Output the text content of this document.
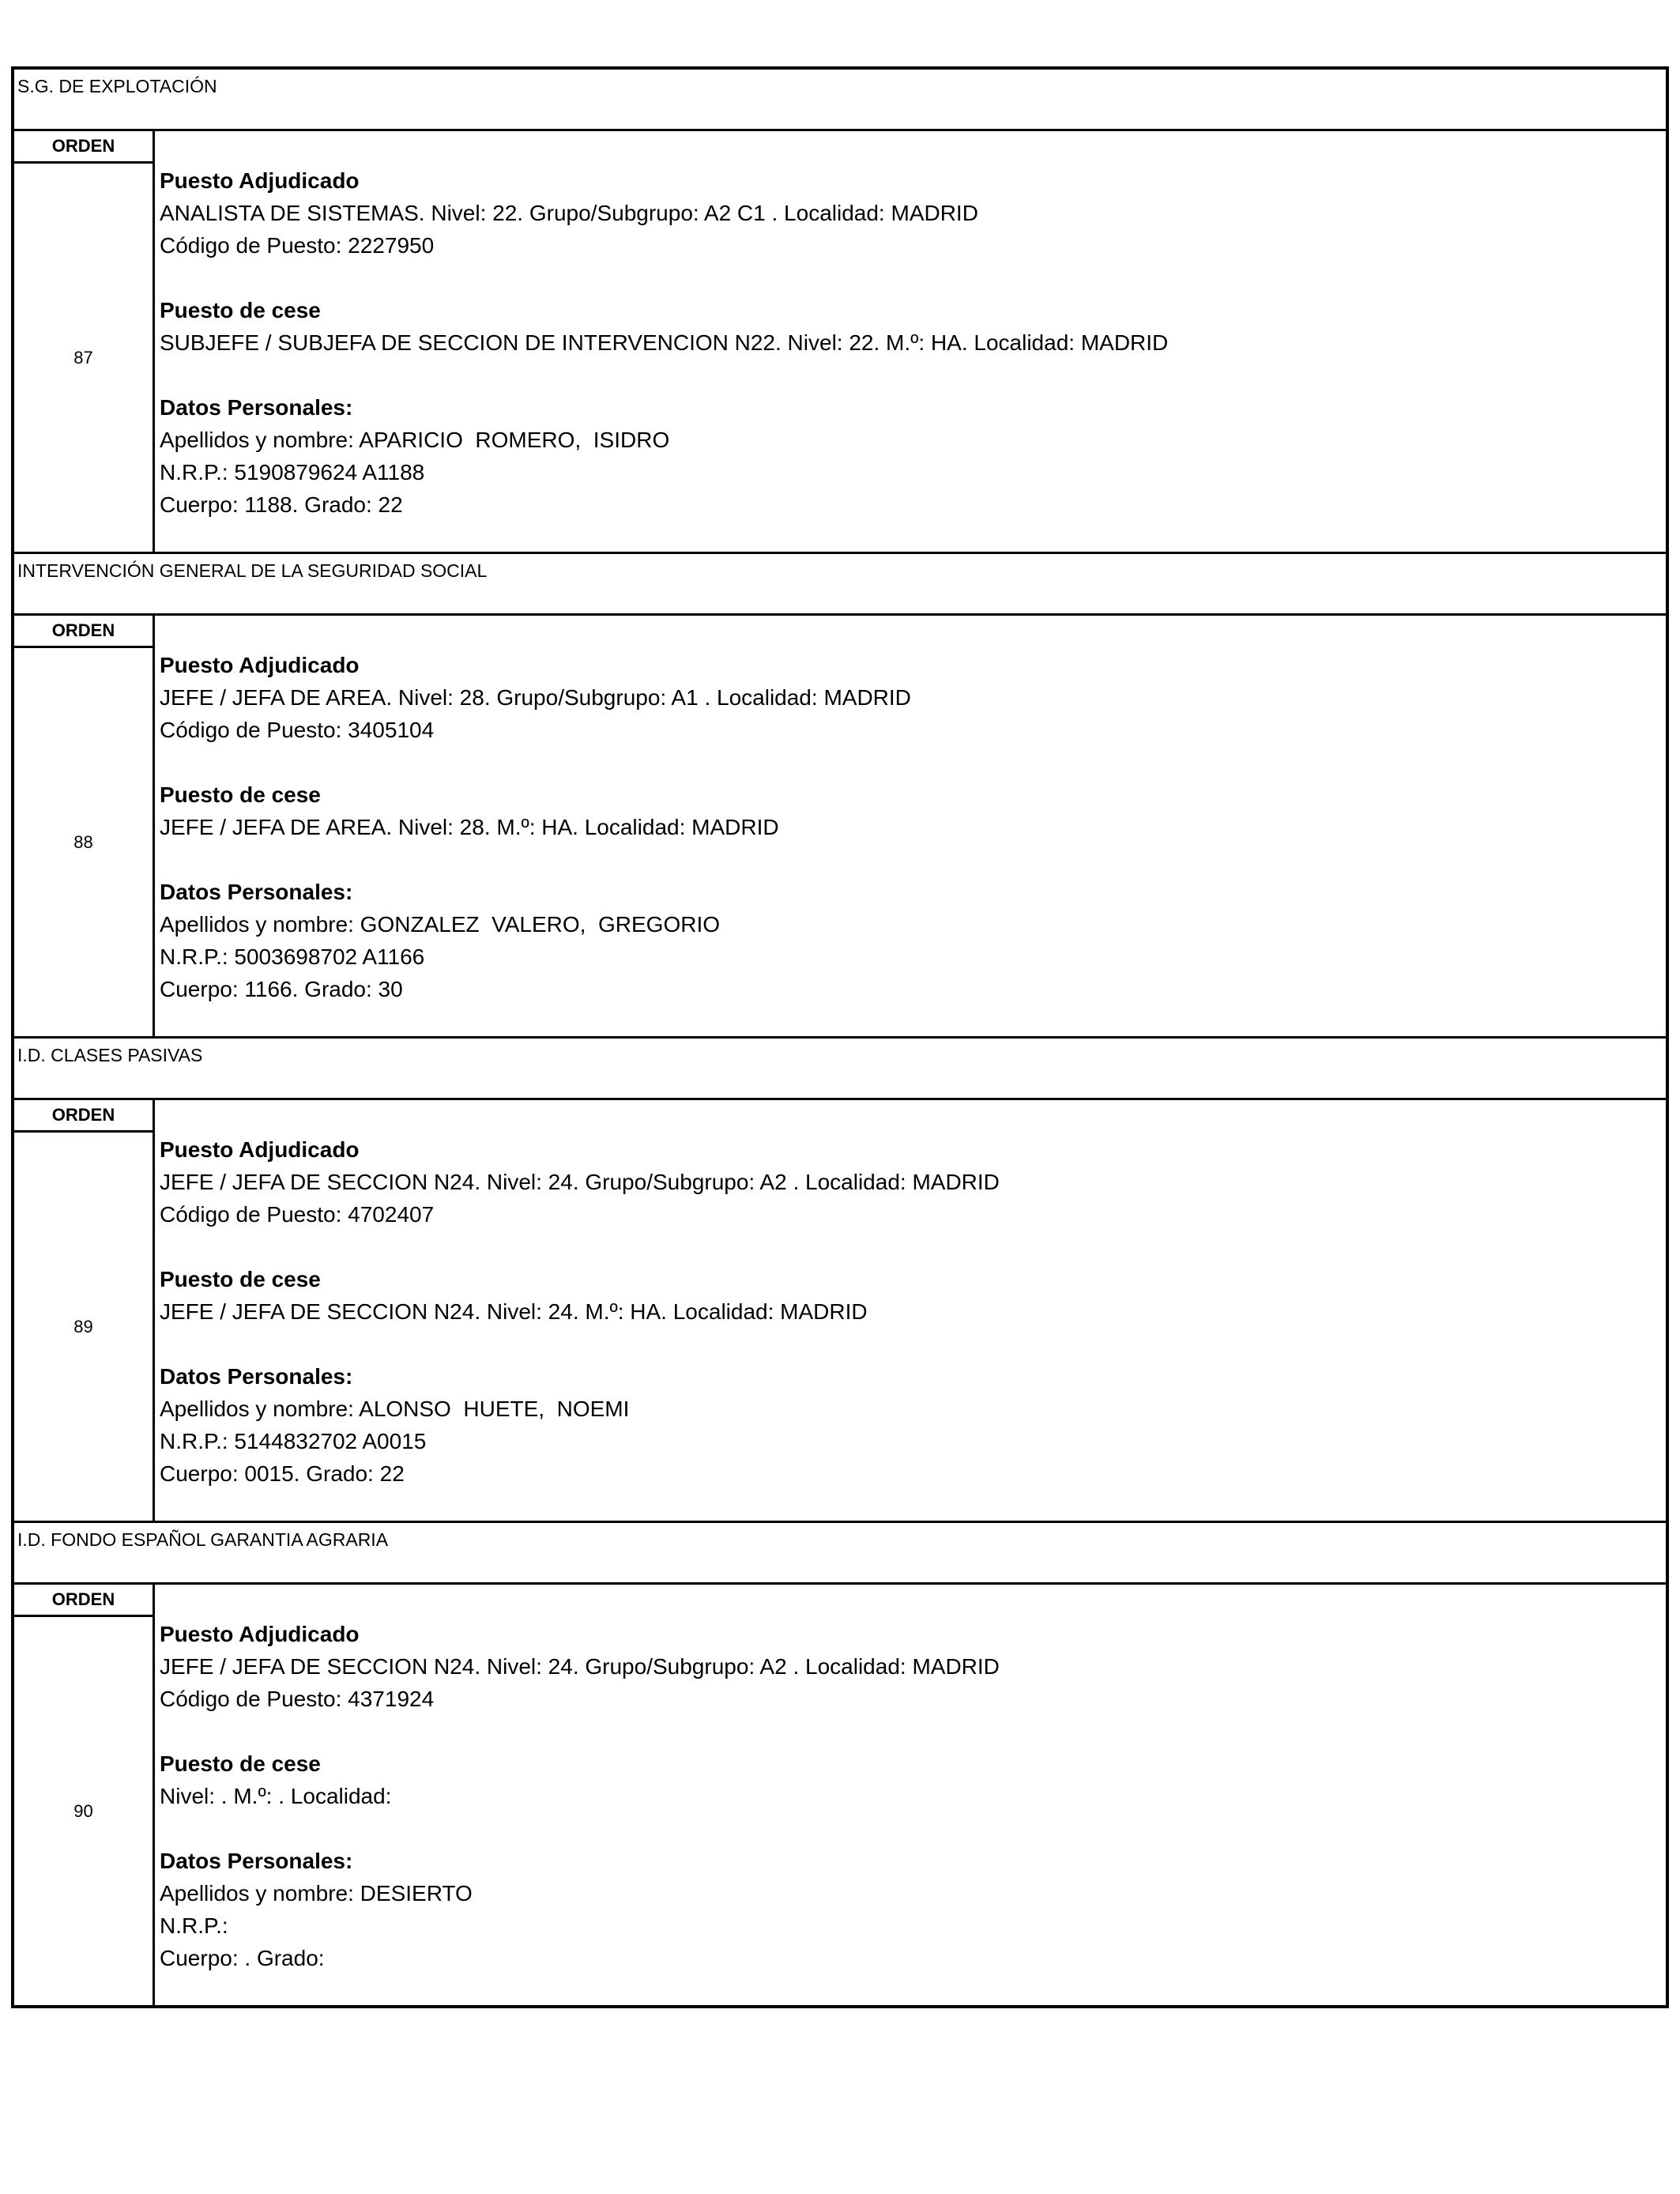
S.G. DE EXPLOTACIÓN
ORDEN
87
Puesto Adjudicado
ANALISTA DE SISTEMAS. Nivel: 22. Grupo/Subgrupo: A2 C1 . Localidad: MADRID
Código de Puesto: 2227950
Puesto de cese
SUBJEFE / SUBJEFA DE SECCION DE INTERVENCION N22. Nivel: 22. M.º: HA. Localidad: MADRID
Datos Personales:
Apellidos y nombre: APARICIO  ROMERO,  ISIDRO
N.R.P.: 5190879624 A1188
Cuerpo: 1188. Grado: 22
INTERVENCIÓN GENERAL DE LA SEGURIDAD SOCIAL
ORDEN
88
Puesto Adjudicado
JEFE / JEFA DE AREA. Nivel: 28. Grupo/Subgrupo: A1 . Localidad: MADRID
Código de Puesto: 3405104
Puesto de cese
JEFE / JEFA DE AREA. Nivel: 28. M.º: HA. Localidad: MADRID
Datos Personales:
Apellidos y nombre: GONZALEZ  VALERO,  GREGORIO
N.R.P.: 5003698702 A1166
Cuerpo: 1166. Grado: 30
I.D. CLASES PASIVAS
ORDEN
89
Puesto Adjudicado
JEFE / JEFA DE SECCION N24. Nivel: 24. Grupo/Subgrupo: A2 . Localidad: MADRID
Código de Puesto: 4702407
Puesto de cese
JEFE / JEFA DE SECCION N24. Nivel: 24. M.º: HA. Localidad: MADRID
Datos Personales:
Apellidos y nombre: ALONSO  HUETE,  NOEMI
N.R.P.: 5144832702 A0015
Cuerpo: 0015. Grado: 22
I.D. FONDO ESPAÑOL GARANTIA AGRARIA
ORDEN
90
Puesto Adjudicado
JEFE / JEFA DE SECCION N24. Nivel: 24. Grupo/Subgrupo: A2 . Localidad: MADRID
Código de Puesto: 4371924
Puesto de cese
Nivel: . M.º: . Localidad:
Datos Personales:
Apellidos y nombre: DESIERTO
N.R.P.:
Cuerpo: . Grado:
